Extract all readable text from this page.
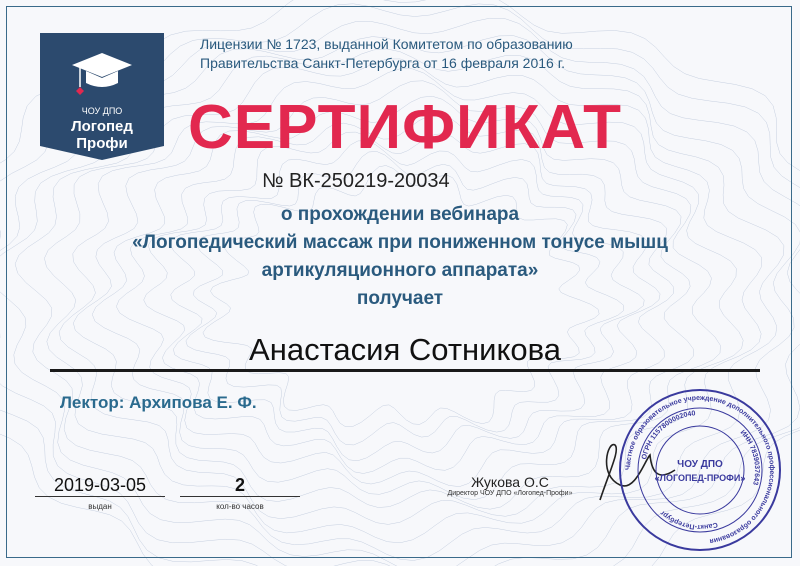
ЧОУ ДПО
Логопед
Профи
Лицензии № 1723, выданной Комитетом по образованию
Правительства Санкт-Петербурга от 16 февраля 2016 г.
СЕРТИФИКАТ
№ ВК-250219-20034
о прохождении вебинара
«Логопедический массаж при пониженном тонусе мышц
артикуляционного аппарата»
получает
Анастасия Сотникова
Лектор: Архипова Е. Ф.
2019-03-05
выдан
2
кол-во часов
Жукова О.С
Директор ЧОУ ДПО «Логопед-Профи»
Частное образовательное учреждение дополнительного профессионального образования
ОГРН 1157800002040
ИНН 7839037643
Санкт-Петербург
ЧОУ ДПО
«ЛОГОПЕД-ПРОФИ»
